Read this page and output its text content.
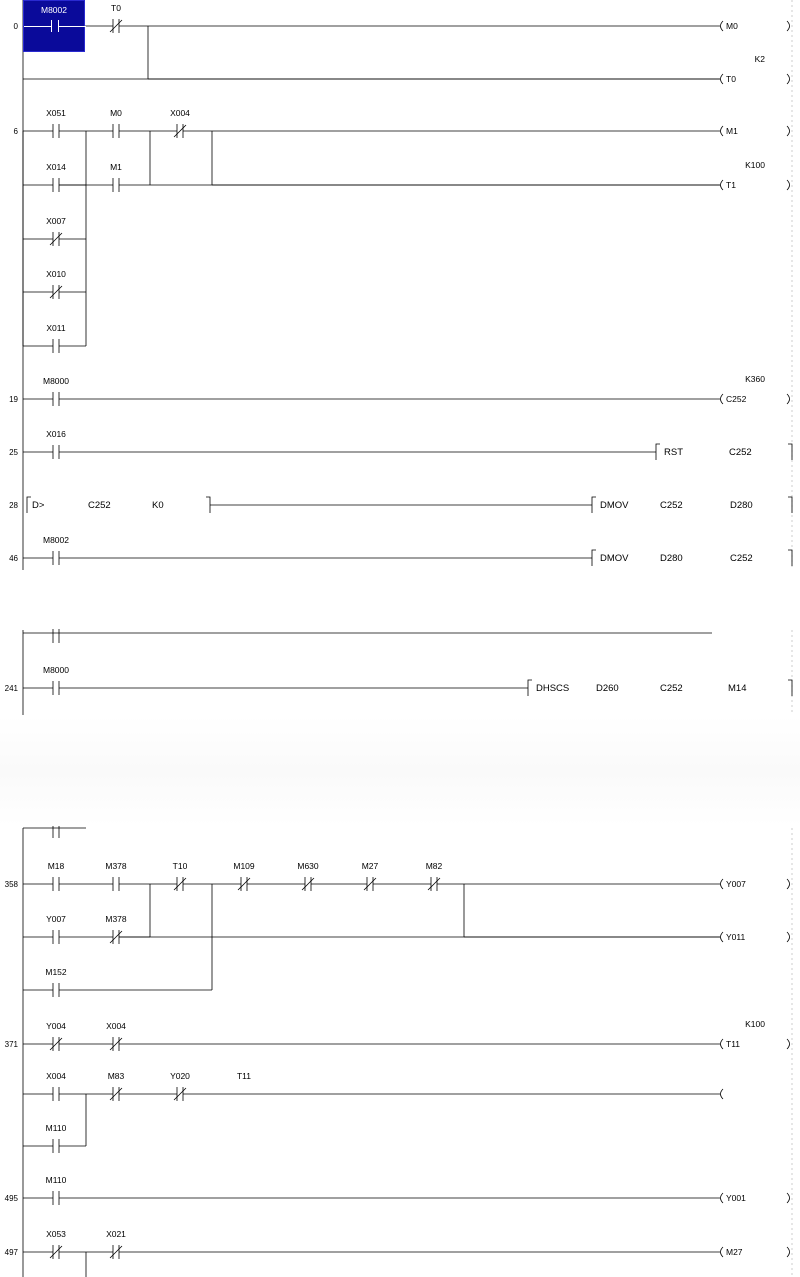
0
T0
M0
T0
K2
6
X051	M0	X004
M1
X014	M1
T1
K100
X007
X010
X011
19
M8000
C252
K360
25
X016
RST	C252
28 D>	C252	K0	DMOV	C252	D280
46
M8002
DMOV	D280	C252
241
M8000
DHSCS	D260	C252	M14
358
M18	M378	T10	M109	M630	M27	M82
Y007
Y007	M378
Y011
M152
371
Y004	X004
T11
K100
X004	M83	Y020	T11
M110
495
M110
Y001
497
X053	X021
M27
M8002
